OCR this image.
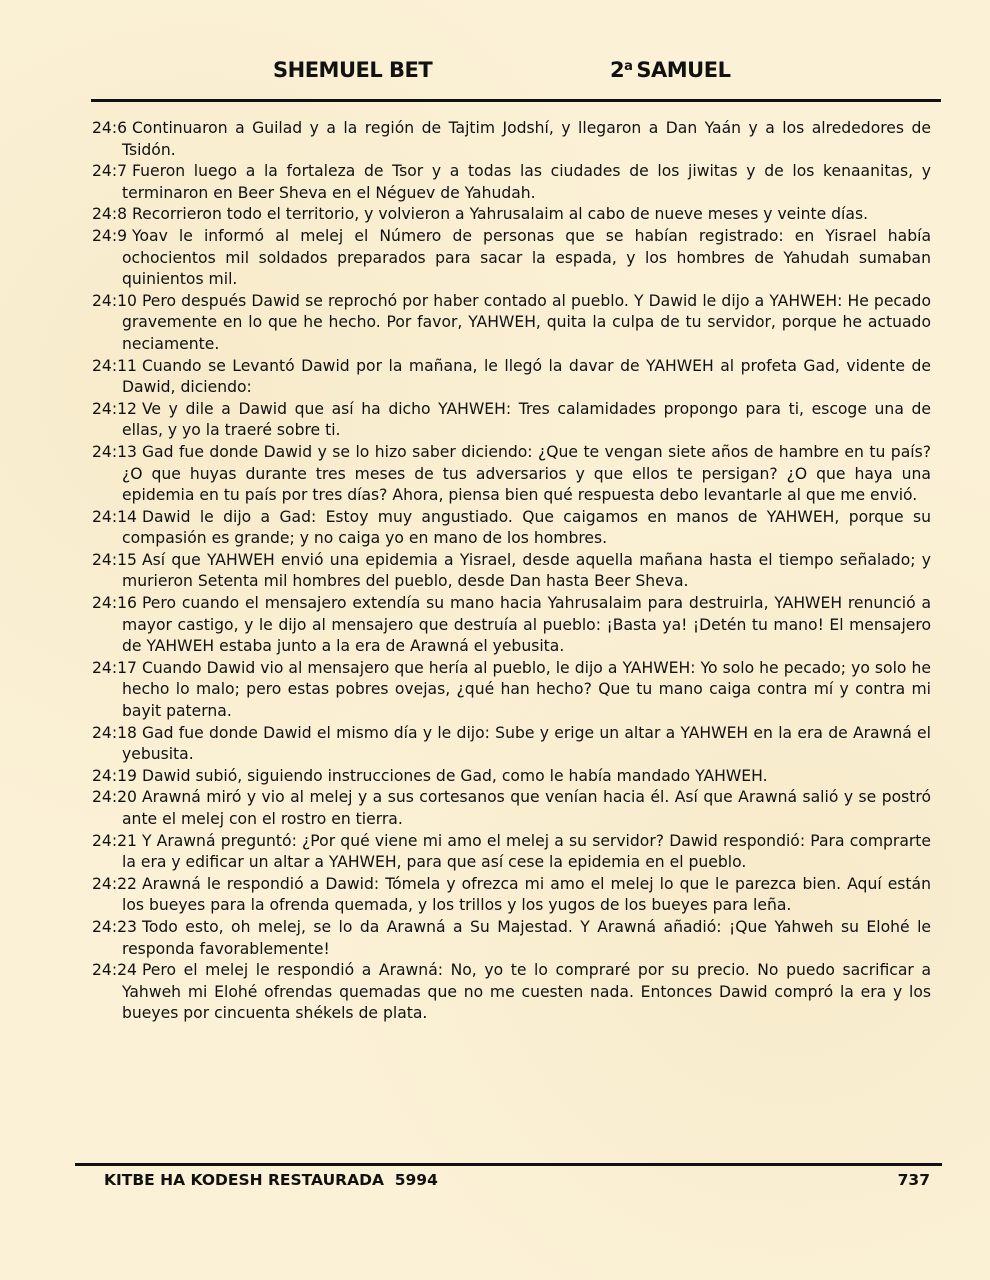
SHEMUEL BET	2$^a$ SAMUEL

24:6 Continuaron a Guilad y a la región de Tajtim Jodshí, y llegaron a Dan Yaán y a los alrededores de Tsidón.

24:7 Fueron luego a la fortaleza de Tsor y a todas las ciudades de los jiwitas y de los kenaanitas, y terminaron en Beer Sheva en el Néguev de Yahudah.

24:8 Recorrieron todo el territorio, y volvieron a Yahrusalaim al cabo de nueve meses y veinte días.

24:9 Yoav le informó al melej el Número de personas que se habían registrado: en Yisrael había ochocientos mil soldados preparados para sacar la espada, y los hombres de Yahudah sumaban quinientos mil.

24:10 Pero después Dawid se reprochó por haber contado al pueblo. Y Dawid le dijo a YAHWEH: He pecado gravemente en lo que he hecho. Por favor, YAHWEH, quita la culpa de tu servidor, porque he actuado neciamente.

24:11 Cuando se Levantó Dawid por la mañana, le llegó la davar de YAHWEH al profeta Gad, vidente de Dawid, diciendo:

24:12 Ve y dile a Dawid que así ha dicho YAHWEH: Tres calamidades propongo para ti, escoge una de ellas, y yo la traeré sobre ti.

24:13 Gad fue donde Dawid y se lo hizo saber diciendo: ¿Que te vengan siete años de hambre en tu país? ¿O que huyas durante tres meses de tus adversarios y que ellos te persigan? ¿O que haya una epidemia en tu país por tres días? Ahora, piensa bien qué respuesta debo levantarle al que me envió.

24:14 Dawid le dijo a Gad: Estoy muy angustiado. Que caigamos en manos de YAHWEH, porque su compasión es grande; y no caiga yo en mano de los hombres.

24:15 Así que YAHWEH envió una epidemia a Yisrael, desde aquella mañana hasta el tiempo señalado; y murieron Setenta mil hombres del pueblo, desde Dan hasta Beer Sheva.

24:16 Pero cuando el mensajero extendía su mano hacia Yahrusalaim para destruirla, YAHWEH renunció a mayor castigo, y le dijo al mensajero que destruía al pueblo: ¡Basta ya! ¡Detén tu mano! El mensajero de YAHWEH estaba junto a la era de Arawná el yebusita.

24:17 Cuando Dawid vio al mensajero que hería al pueblo, le dijo a YAHWEH: Yo solo he pecado; yo solo he hecho lo malo; pero estas pobres ovejas, ¿qué han hecho? Que tu mano caiga contra mí y contra mi bayit paterna.

24:18 Gad fue donde Dawid el mismo día y le dijo: Sube y erige un altar a YAHWEH en la era de Arawná el yebusita.

24:19 Dawid subió, siguiendo instrucciones de Gad, como le había mandado YAHWEH.

24:20 Arawná miró y vio al melej y a sus cortesanos que venían hacia él. Así que Arawná salió y se postró ante el melej con el rostro en tierra.

24:21 Y Arawná preguntó: ¿Por qué viene mi amo el melej a su servidor? Dawid respondió: Para comprarte la era y edificar un altar a YAHWEH, para que así cese la epidemia en el pueblo.

24:22 Arawná le respondió a Dawid: Tómela y ofrezca mi amo el melej lo que le parezca bien. Aquí están los bueyes para la ofrenda quemada, y los trillos y los yugos de los bueyes para leña.

24:23 Todo esto, oh melej, se lo da Arawná a Su Majestad. Y Arawná añadió: ¡Que Yahweh su Elohé le responda favorablemente!

24:24 Pero el melej le respondió a Arawná: No, yo te lo compraré por su precio. No puedo sacrificar a Yahweh mi Elohé ofrendas quemadas que no me cuesten nada. Entonces Dawid compró la era y los bueyes por cincuenta shékels de plata.

KITBE HA KODESH RESTAURADA  5994	737
